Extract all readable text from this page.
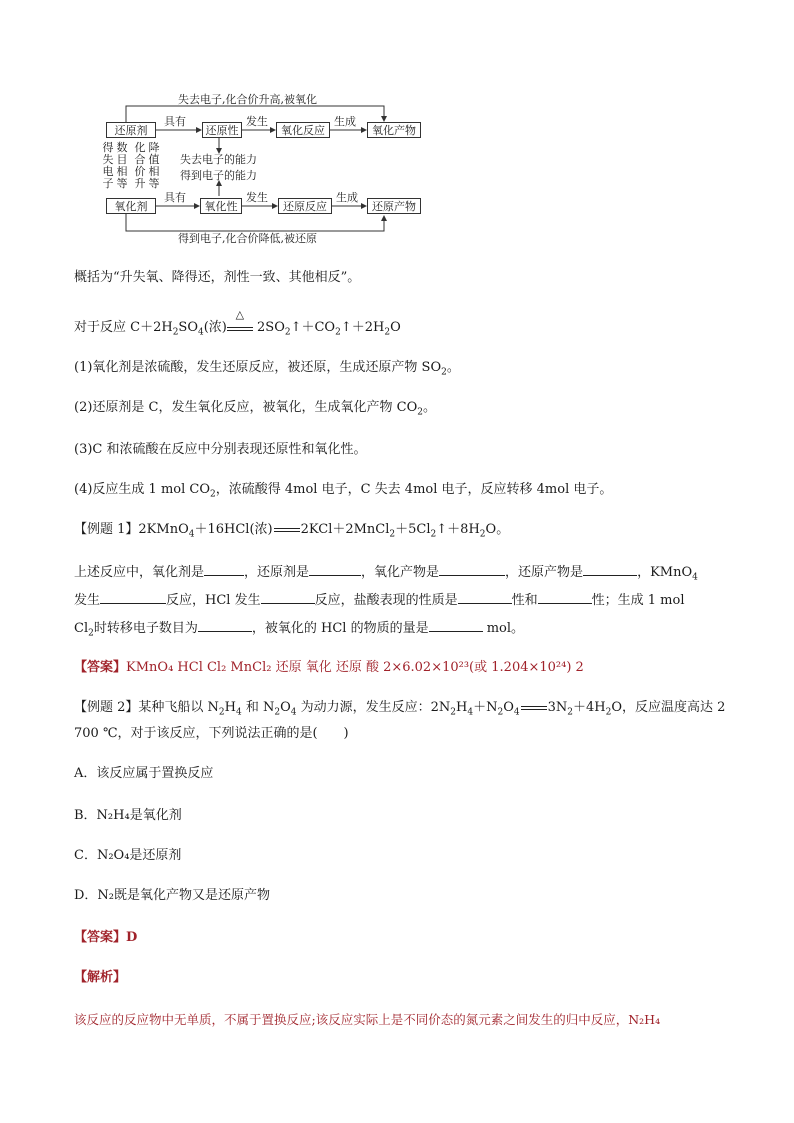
失去电子,化合价升高,被氧化
得到电子,化合价降低,被还原
还原剂
具有
还原性
发生
氧化反应
生成
氧化产物
失去电子的能力
得到电子的能力
得失电子
数目相等
化合价升
降值相等
氧化剂
具有
氧化性
发生
还原反应
生成
还原产物
概括为“升失氧、降得还，剂性一致、其他相反”。
对于反应 $C+2H_2SO_4$(浓)
△
$2SO_2↑+CO_2↑+2H_2O$
(1)氧化剂是浓硫酸，发生还原反应，被还原，生成还原产物 $SO_2$。
(2)还原剂是 C，发生氧化反应，被氧化，生成氧化产物 $CO_2$。
(3)C 和浓硫酸在反应中分别表现还原性和氧化性。
(4)反应生成 1 mol $CO_2$，浓硫酸得 4mol 电子，C 失去 4mol 电子，反应转移 4mol 电子。
【例题 1】2KMnO$_4$＋16HCl(浓) $2KCl+2MnCl_2+5Cl_2↑+8H_2O$。
上述反应中，氧化剂是	，还原剂是	，氧化产物是	，还原产物是	，KMnO$_4$
发生	反应，HCl 发生	反应，盐酸表现的性质是	性和	性；生成 1 mol
$Cl_2$时转移电子数目为	，被氧化的 HCl 的物质的量是	mol。
【答案】KMnO₄ HCl Cl₂ MnCl₂ 还原 氧化 还原 酸 2×6.02×10²³(或 1.204×10²⁴) 2
【例题 2】某种飞船以 $N_2H_4$ 和 $N_2O_4$ 为动力源，发生反应：$2N_2H_4+N_2O_4$ $3N_2+4H_2O$，反应温度高达 2
700 ℃，对于该反应，下列说法正确的是(　　)
A．该反应属于置换反应
B．N₂H₄是氧化剂
C．N₂O₄是还原剂
D．N₂既是氧化产物又是还原产物
【答案】D
【解析】
该反应的反应物中无单质，不属于置换反应;该反应实际上是不同价态的氮元素之间发生的归中反应，N₂H₄
